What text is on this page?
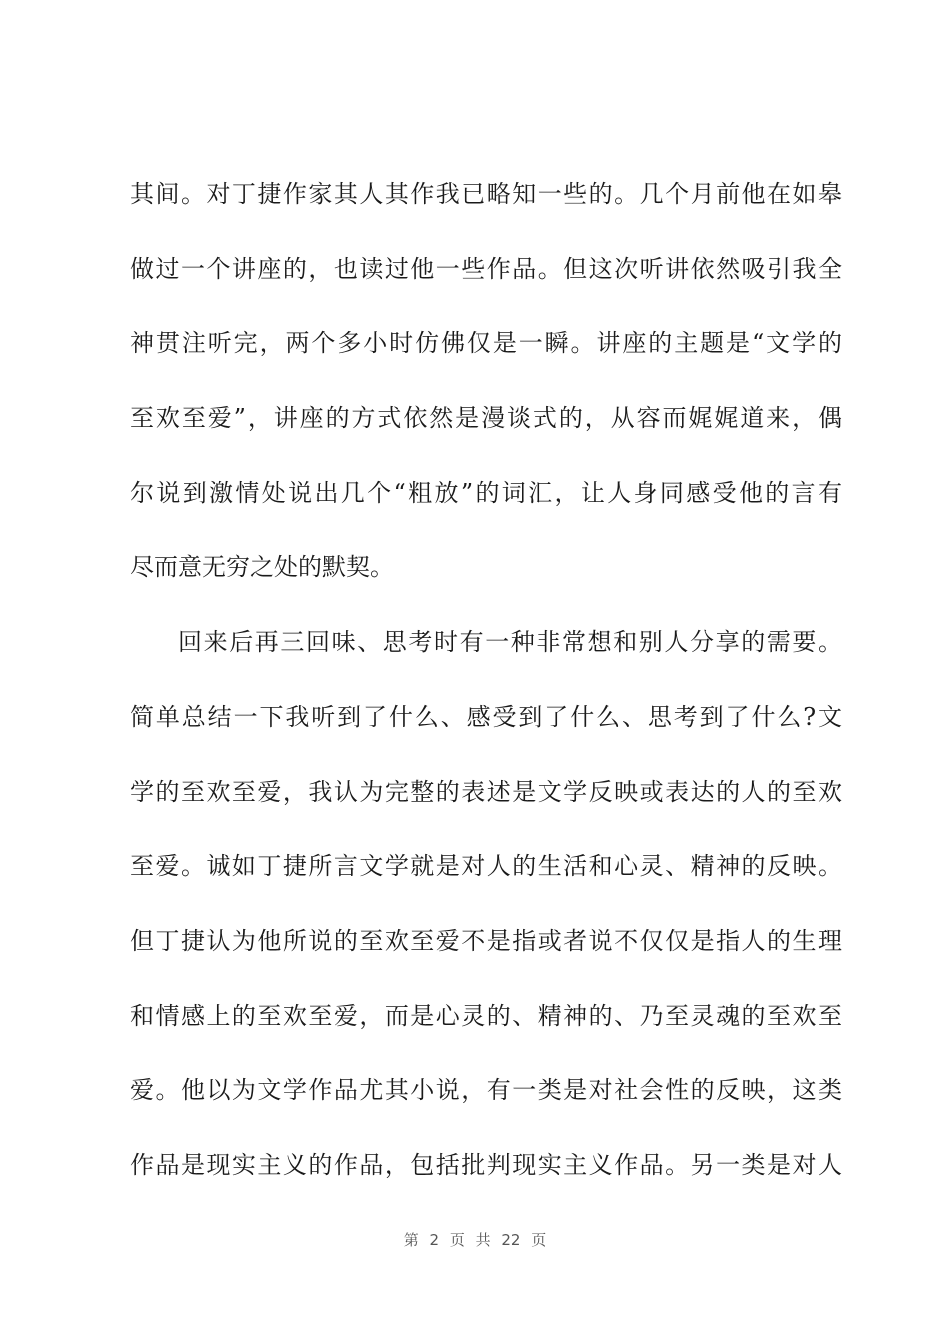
其间。对丁捷作家其人其作我已略知一些的。几个月前他在如皋
做过一个讲座的，也读过他一些作品。但这次听讲依然吸引我全
神贯注听完，两个多小时仿佛仅是一瞬。讲座的主题是“文学的
至欢至爱”，讲座的方式依然是漫谈式的，从容而娓娓道来，偶
尔说到激情处说出几个“粗放”的词汇，让人身同感受他的言有
尽而意无穷之处的默契。
回来后再三回味、思考时有一种非常想和别人分享的需要。
简单总结一下我听到了什么、感受到了什么、思考到了什么?文
学的至欢至爱，我认为完整的表述是文学反映或表达的人的至欢
至爱。诚如丁捷所言文学就是对人的生活和心灵、精神的反映。
但丁捷认为他所说的至欢至爱不是指或者说不仅仅是指人的生理
和情感上的至欢至爱，而是心灵的、精神的、乃至灵魂的至欢至
爱。他以为文学作品尤其小说，有一类是对社会性的反映，这类
作品是现实主义的作品，包括批判现实主义作品。另一类是对人
第 2 页 共 22 页
